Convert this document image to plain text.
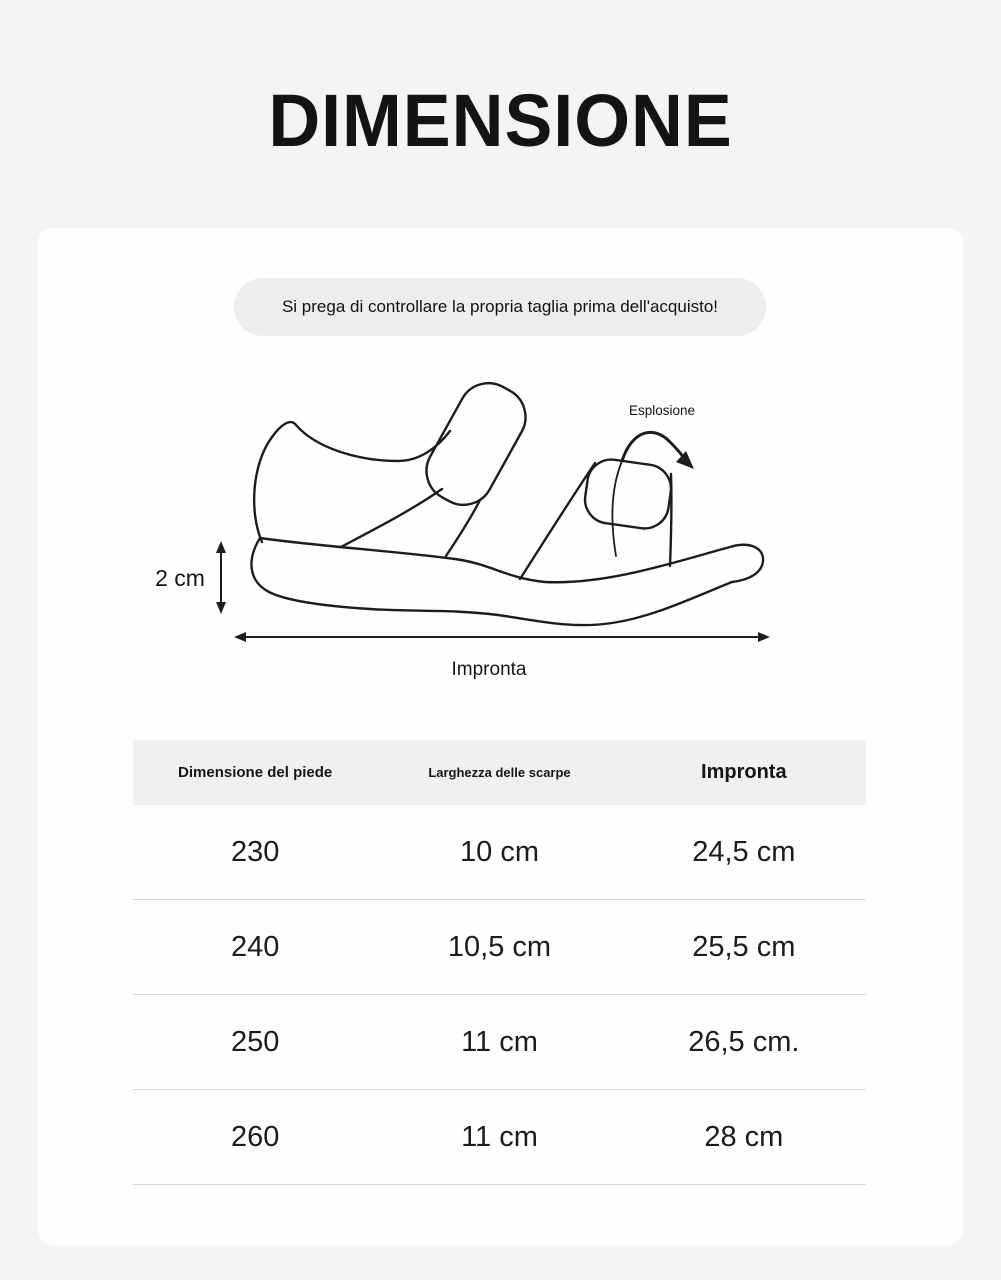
DIMENSIONE
Si prega di controllare la propria taglia prima dell'acquisto!
Esplosione
2 cm
Impronta
Dimensione del piede	Larghezza delle scarpe	Impronta
230	10 cm	24,5 cm
240	10,5 cm	25,5 cm
250	11 cm	26,5 cm.
260	11 cm	28 cm
